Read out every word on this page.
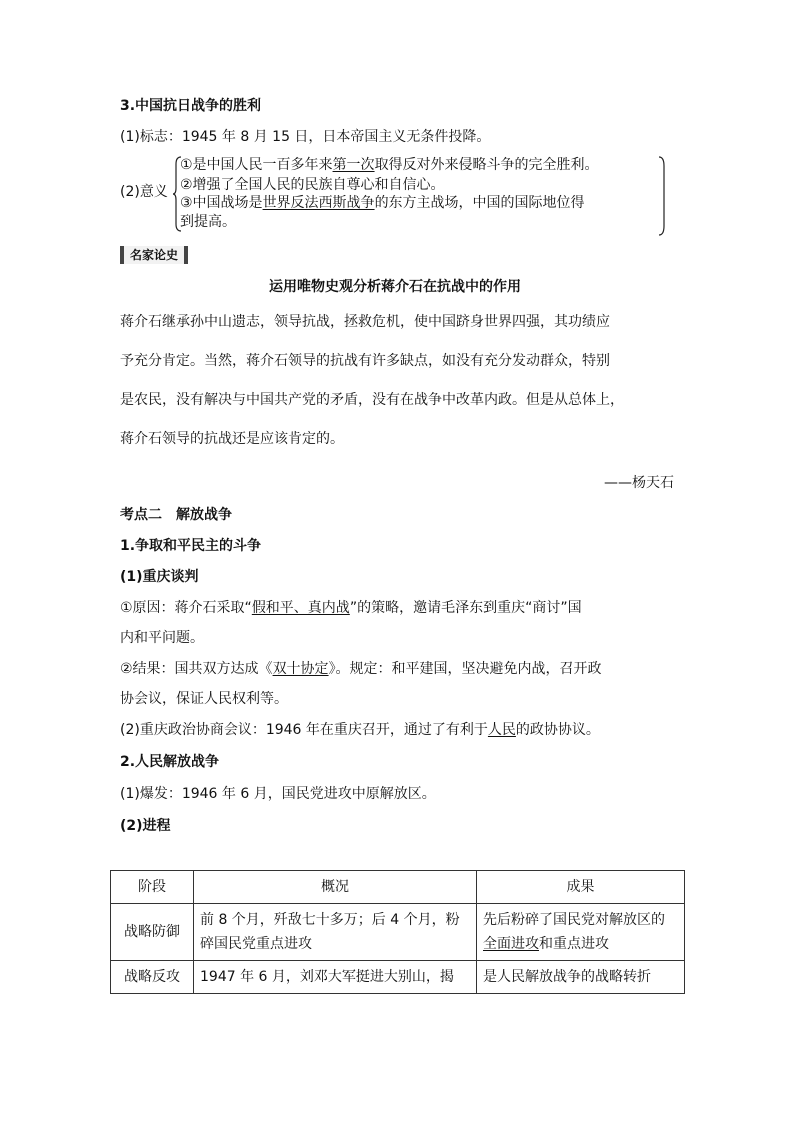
3.中国抗日战争的胜利
(1)标志：1945 年 8 月 15 日，日本帝国主义无条件投降。
(2)意义
①是中国人民一百多年来第一次取得反对外来侵略斗争的完全胜利。
②增强了全国人民的民族自尊心和自信心。
③中国战场是世界反法西斯战争的东方主战场，中国的国际地位得
到提高。
名家论史
运用唯物史观分析蒋介石在抗战中的作用
蒋介石继承孙中山遗志，领导抗战，拯救危机，使中国跻身世界四强，其功绩应
予充分肯定。当然，蒋介石领导的抗战有许多缺点，如没有充分发动群众，特别
是农民，没有解决与中国共产党的矛盾，没有在战争中改革内政。但是从总体上，
蒋介石领导的抗战还是应该肯定的。
——杨天石
考点二　解放战争
1.争取和平民主的斗争
(1)重庆谈判
①原因：蒋介石采取“假和平、真内战”的策略，邀请毛泽东到重庆“商讨”国
内和平问题。
②结果：国共双方达成《双十协定》。规定：和平建国，坚决避免内战，召开政
协会议，保证人民权利等。
(2)重庆政治协商会议：1946 年在重庆召开，通过了有利于人民的政协协议。
2.人民解放战争
(1)爆发：1946 年 6 月，国民党进攻中原解放区。
(2)进程
阶段	概况	成果
战略防御	前 8 个月，歼敌七十多万；后 4 个月，粉碎国民党重点进攻	先后粉碎了国民党对解放区的全面进攻和重点进攻
战略反攻	1947 年 6 月，刘邓大军挺进大别山，揭	是人民解放战争的战略转折
